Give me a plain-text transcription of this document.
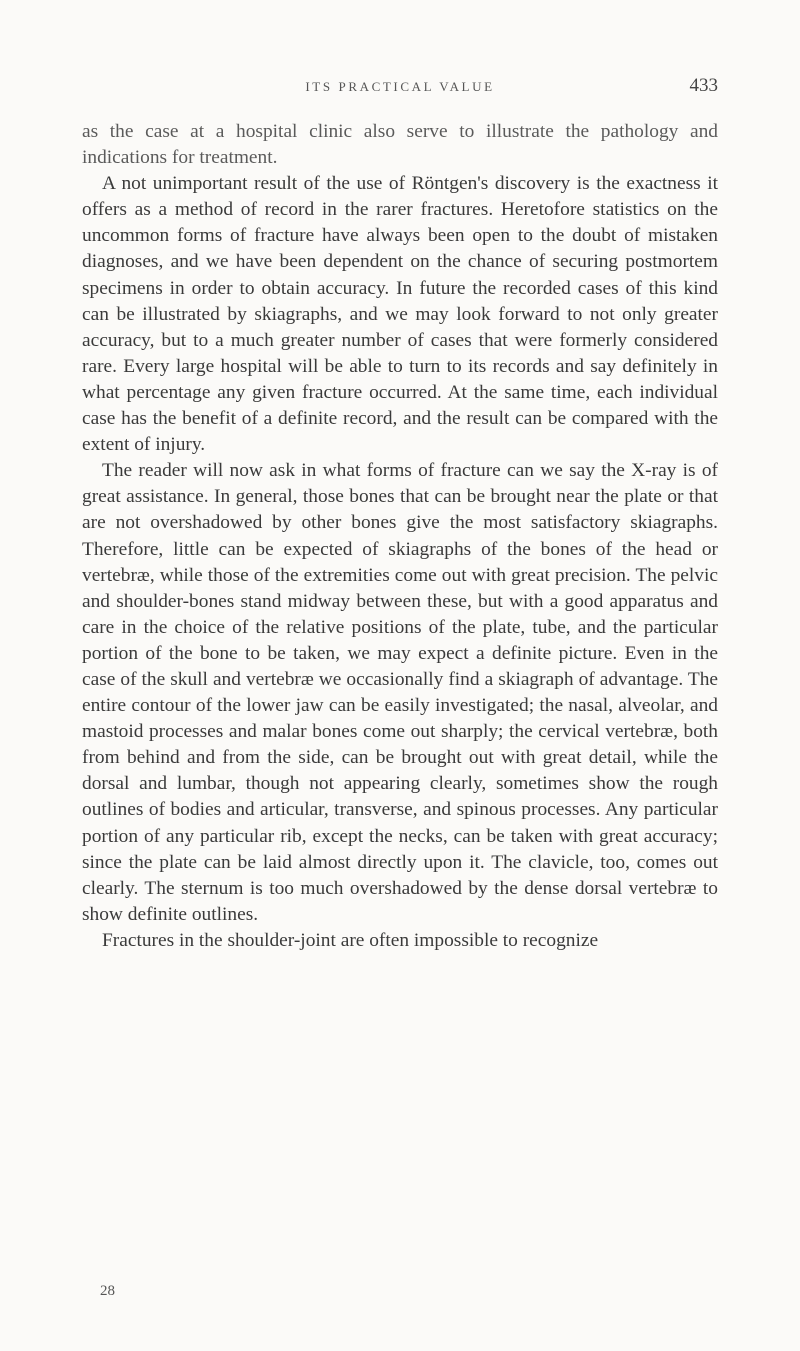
ITS PRACTICAL VALUE	433

as the case at a hospital clinic also serve to illustrate the pathology and indications for treatment.

A not unimportant result of the use of Röntgen's discovery is the exactness it offers as a method of record in the rarer fractures. Heretofore statistics on the uncommon forms of fracture have always been open to the doubt of mistaken diagnoses, and we have been dependent on the chance of securing postmortem specimens in order to obtain accuracy. In future the recorded cases of this kind can be illustrated by skiagraphs, and we may look forward to not only greater accuracy, but to a much greater number of cases that were formerly considered rare. Every large hospital will be able to turn to its records and say definitely in what percentage any given fracture occurred. At the same time, each individual case has the benefit of a definite record, and the result can be compared with the extent of injury.

The reader will now ask in what forms of fracture can we say the X-ray is of great assistance. In general, those bones that can be brought near the plate or that are not overshadowed by other bones give the most satisfactory skiagraphs. Therefore, little can be expected of skiagraphs of the bones of the head or vertebræ, while those of the extremities come out with great precision. The pelvic and shoulder-bones stand midway between these, but with a good apparatus and care in the choice of the relative positions of the plate, tube, and the particular portion of the bone to be taken, we may expect a definite picture. Even in the case of the skull and vertebræ we occasionally find a skiagraph of advantage. The entire contour of the lower jaw can be easily investigated; the nasal, alveolar, and mastoid processes and malar bones come out sharply; the cervical vertebræ, both from behind and from the side, can be brought out with great detail, while the dorsal and lumbar, though not appearing clearly, sometimes show the rough outlines of bodies and articular, transverse, and spinous processes. Any particular portion of any particular rib, except the necks, can be taken with great accuracy; since the plate can be laid almost directly upon it. The clavicle, too, comes out clearly. The sternum is too much overshadowed by the dense dorsal vertebræ to show definite outlines.

Fractures in the shoulder-joint are often impossible to recognize

28
